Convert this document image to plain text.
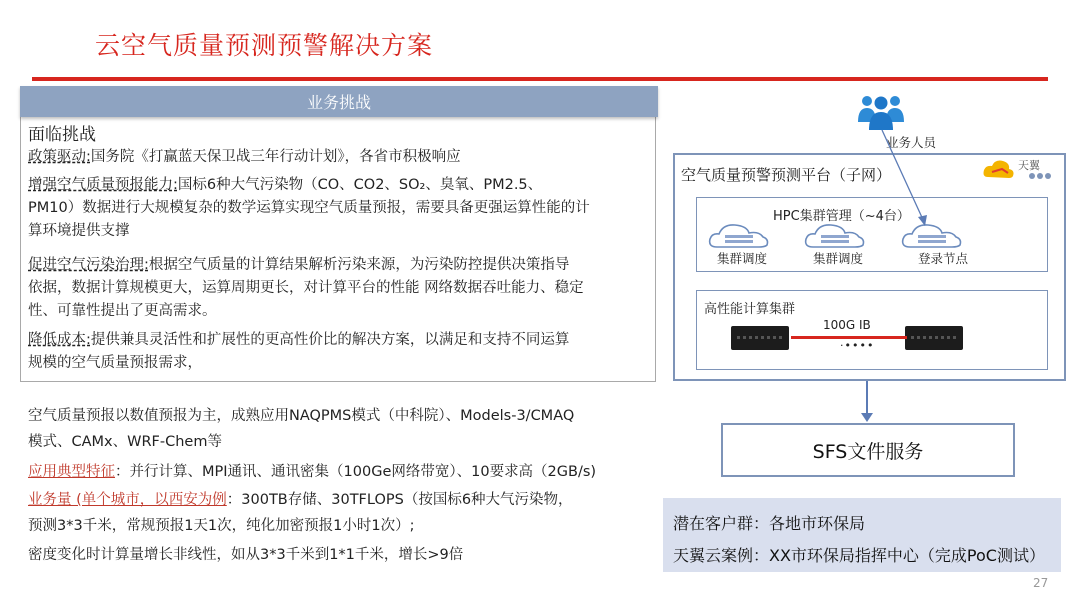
云空气质量预测预警解决方案
业务挑战
面临挑战
政策驱动:国务院《打赢蓝天保卫战三年行动计划》，各省市积极响应
增强空气质量预报能力:国标6种大气污染物（CO、CO2、SO₂、臭氧、PM2.5、
PM10）数据进行大规模复杂的数学运算实现空气质量预报，需要具备更强运算性能的计
算环境提供支撑
促进空气污染治理:根据空气质量的计算结果解析污染来源，为污染防控提供决策指导
依据，数据计算规模更大，运算周期更长，对计算平台的性能 网络数据吞吐能力、稳定
性、可靠性提出了更高需求。
降低成本:提供兼具灵活性和扩展性的更高性价比的解决方案，以满足和支持不同运算
规模的空气质量预报需求，
空气质量预报以数值预报为主，成熟应用NAQPMS模式（中科院）、Models-3/CMAQ
模式、CAMx、WRF-Chem等
应用典型特征：并行计算、MPI通讯、通讯密集（100Ge网络带宽）、10要求高（2GB/s)
业务量 (单个城市，以西安为例：300TB存储、30TFLOPS（按国标6种大气污染物，
预测3*3千米，常规预报1天1次，纯化加密预报1小时1次）;
密度变化时计算量增长非线性，如从3*3千米到1*1千米，增长>9倍
业务人员
空气质量预警预测平台（子网）
天翼
HPC集群管理（~4台）
集群调度	集群调度	登录节点
高性能计算集群
100G IB
·••••
SFS文件服务
潜在客户群：各地市环保局
天翼云案例：XX市环保局指挥中心（完成PoC测试）
27
